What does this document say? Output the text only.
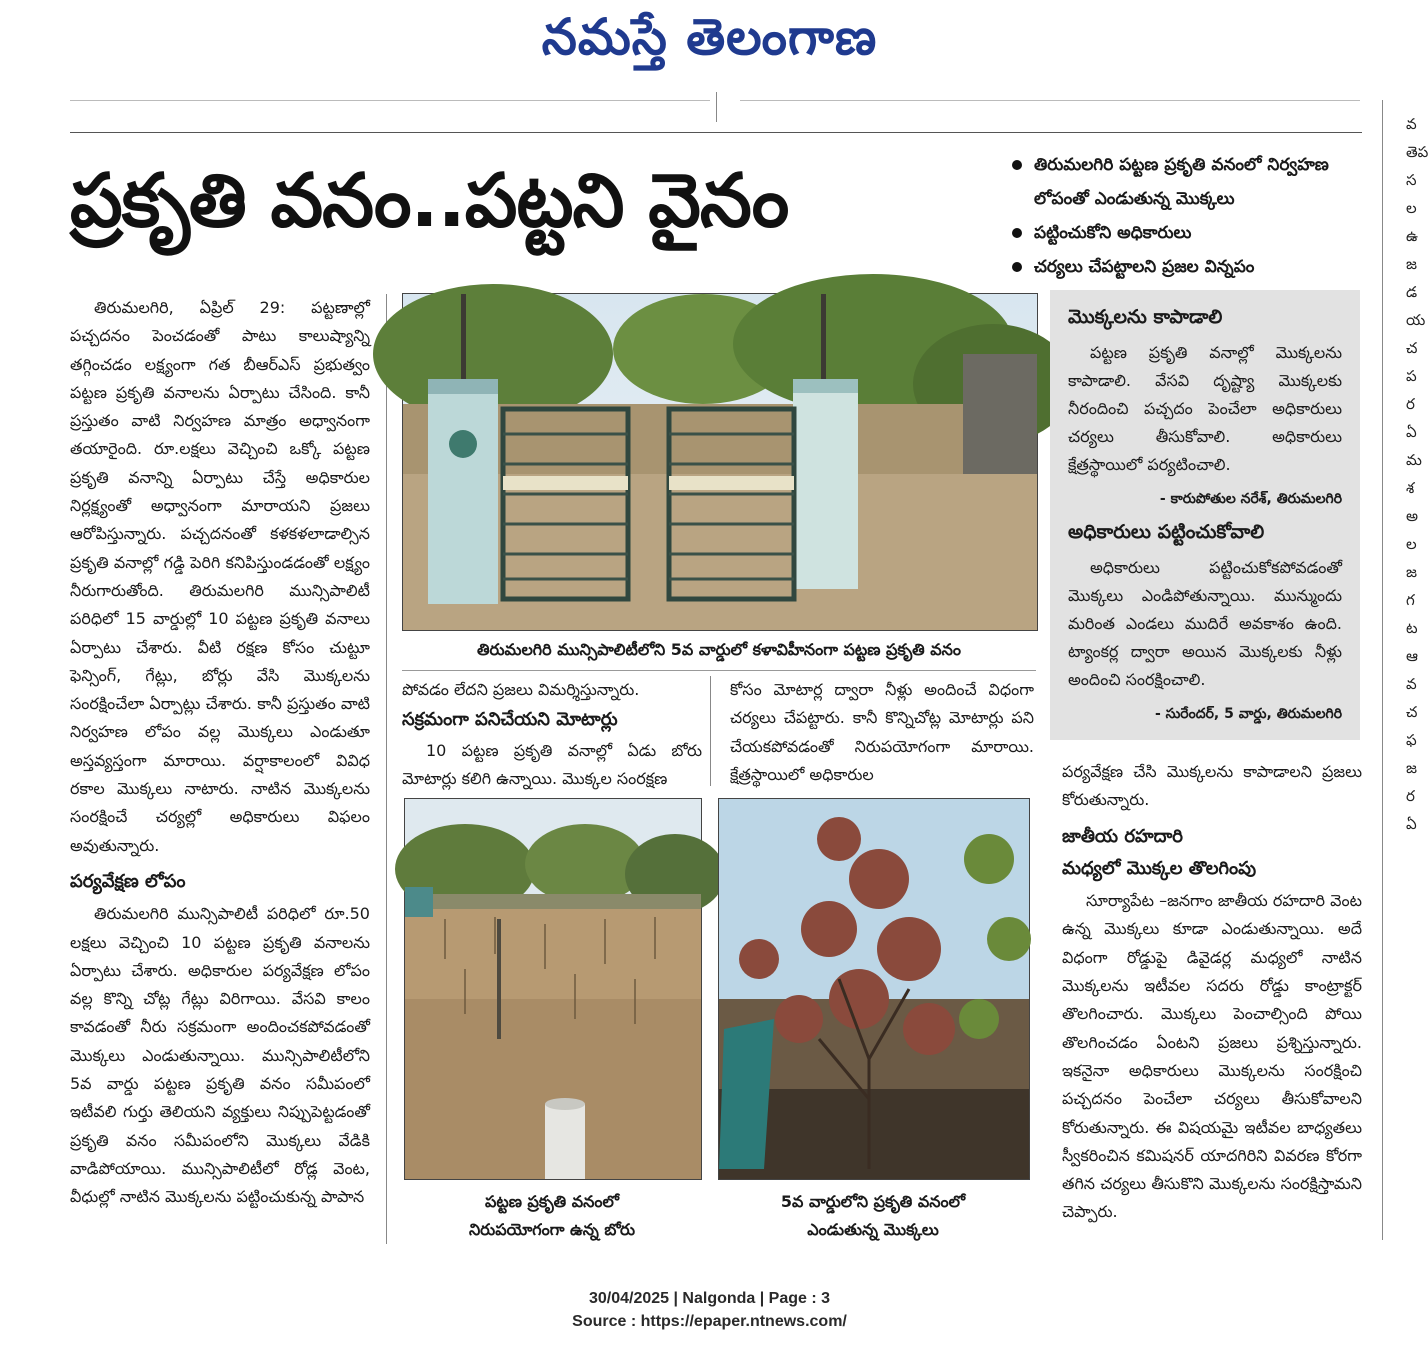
నమస్తే తెలంగాణ
ప్రకృతి వనం..పట్టని వైనం	తిరుమలగిరి పట్టణ ప్రకృతి వనంలో నిర్వహణ లోపంతో ఎండుతున్న మొక్కలు
పట్టించుకోని అధికారులు
చర్యలు చేపట్టాలని ప్రజల విన్నపం

తిరుమలగిరి, ఏప్రిల్ 29: పట్టణాల్లో పచ్చదనం పెంచడంతో పాటు కాలుష్యాన్ని తగ్గించడం లక్ష్యంగా గత బీఆర్‌ఎస్ ప్రభుత్వం పట్టణ ప్రకృతి వనాలను ఏర్పాటు చేసింది. కానీ ప్రస్తుతం వాటి నిర్వహణ మాత్రం అధ్వానంగా తయారైంది. రూ.లక్షలు వెచ్చించి ఒక్కో పట్టణ ప్రకృతి వనాన్ని ఏర్పాటు చేస్తే అధికారుల నిర్లక్ష్యంతో అధ్వానంగా మారాయని ప్రజలు ఆరోపిస్తున్నారు. పచ్చదనంతో కళకళలాడాల్సిన ప్రకృతి వనాల్లో గడ్డి పెరిగి కనిపిస్తుండడంతో లక్ష్యం నీరుగారుతోంది. తిరుమలగిరి మున్సిపాలిటీ పరిధిలో 15 వార్డుల్లో 10 పట్టణ ప్రకృతి వనాలు ఏర్పాటు చేశారు. వీటి రక్షణ కోసం చుట్టూ ఫెన్సింగ్, గేట్లు, బోర్లు వేసి మొక్కలను సంరక్షించేలా ఏర్పాట్లు చేశారు. కానీ ప్రస్తుతం వాటి నిర్వహణ లోపం వల్ల మొక్కలు ఎండుతూ అస్తవ్యస్తంగా మారాయి. వర్షాకాలంలో వివిధ రకాల మొక్కలు నాటారు. నాటిన మొక్కలను సంరక్షించే చర్యల్లో అధికారులు విఫలం అవుతున్నారు.

పర్యవేక్షణ లోపం

తిరుమలగిరి మున్సిపాలిటీ పరిధిలో రూ.50 లక్షలు వెచ్చించి 10 పట్టణ ప్రకృతి వనాలను ఏర్పాటు చేశారు. అధికారుల పర్యవేక్షణ లోపం వల్ల కొన్ని చోట్ల గేట్లు విరిగాయి. వేసవి కాలం కావడంతో నీరు సక్రమంగా అందించకపోవడంతో మొక్కలు ఎండుతున్నాయి. మున్సిపాలిటీలోని 5వ వార్డు పట్టణ ప్రకృతి వనం సమీపంలో ఇటీవలి గుర్తు తెలియని వ్యక్తులు నిప్పుపెట్టడంతో ప్రకృతి వనం సమీపంలోని మొక్కలు వేడికి వాడిపోయాయి. మున్సిపాలిటీలో రోడ్ల వెంట, వీధుల్లో నాటిన మొక్కలను పట్టించుకున్న పాపాన

తిరుమలగిరి మున్సిపాలిటీలోని 5వ వార్డులో కళావిహీనంగా పట్టణ ప్రకృతి వనం
పోవడం లేదని ప్రజలు విమర్శిస్తున్నారు.
సక్రమంగా పనిచేయని మోటార్లు

10 పట్టణ ప్రకృతి వనాల్లో ఏడు బోరు మోటార్లు కలిగి ఉన్నాయి. మొక్కల సంరక్షణ

కోసం మోటార్ల ద్వారా నీళ్లు అందించే విధంగా చర్యలు చేపట్టారు. కానీ కొన్నిచోట్ల మోటార్లు పని చేయకపోవడంతో నిరుపయోగంగా మారాయి. క్షేత్రస్థాయిలో అధికారుల

పట్టణ ప్రకృతి వనంలో
నిరుపయోగంగా ఉన్న బోరు
5వ వార్డులోని ప్రకృతి వనంలో
ఎండుతున్న మొక్కలు
మొక్కలను కాపాడాలి

పట్టణ ప్రకృతి వనాల్లో మొక్కలను కాపాడాలి. వేసవి దృష్ట్యా మొక్కలకు నీరందించి పచ్చదం పెంచేలా అధికారులు చర్యలు తీసుకోవాలి. అధికారులు క్షేత్రస్థాయిలో పర్యటించాలి.

- కారుపోతుల నరేశ్, తిరుమలగిరి

అధికారులు పట్టించుకోవాలి

అధికారులు పట్టించుకోకపోవడంతో మొక్కలు ఎండిపోతున్నాయి. మున్ముందు మరింత ఎండలు ముదిరే అవకాశం ఉంది. ట్యాంకర్ల ద్వారా అయిన మొక్కలకు నీళ్లు అందించి సంరక్షించాలి.

- సురేందర్, 5 వార్డు, తిరుమలగిరి

పర్యవేక్షణ చేసి మొక్కలను కాపాడాలని ప్రజలు కోరుతున్నారు.
జాతీయ రహదారి
మధ్యలో మొక్కల తొలగింపు

సూర్యాపేట –జనగాం జాతీయ రహదారి వెంట ఉన్న మొక్కలు కూడా ఎండుతున్నాయి. అదే విధంగా రోడ్డుపై డివైడర్ల మధ్యలో నాటిన మొక్కలను ఇటీవల సదరు రోడ్డు కాంట్రాక్టర్ తొలగించారు. మొక్కలు పెంచాల్సింది పోయి తొలగించడం ఏంటని ప్రజలు ప్రశ్నిస్తున్నారు. ఇకనైనా అధికారులు మొక్కలను సంరక్షించి పచ్చదనం పెంచేలా చర్యలు తీసుకోవాలని కోరుతున్నారు. ఈ విషయమై ఇటీవల బాధ్యతలు స్వీకరించిన కమిషనర్ యాదగిరిని వివరణ కోరగా తగిన చర్యలు తీసుకొని మొక్కలను సంరక్షిస్తామని చెప్పారు.

వతెపసల ఉజడయచపర ఏమశఅలజగటఆవచఫజరఏ
30/04/2025 | Nalgonda | Page : 3
Source : https://epaper.ntnews.com/
